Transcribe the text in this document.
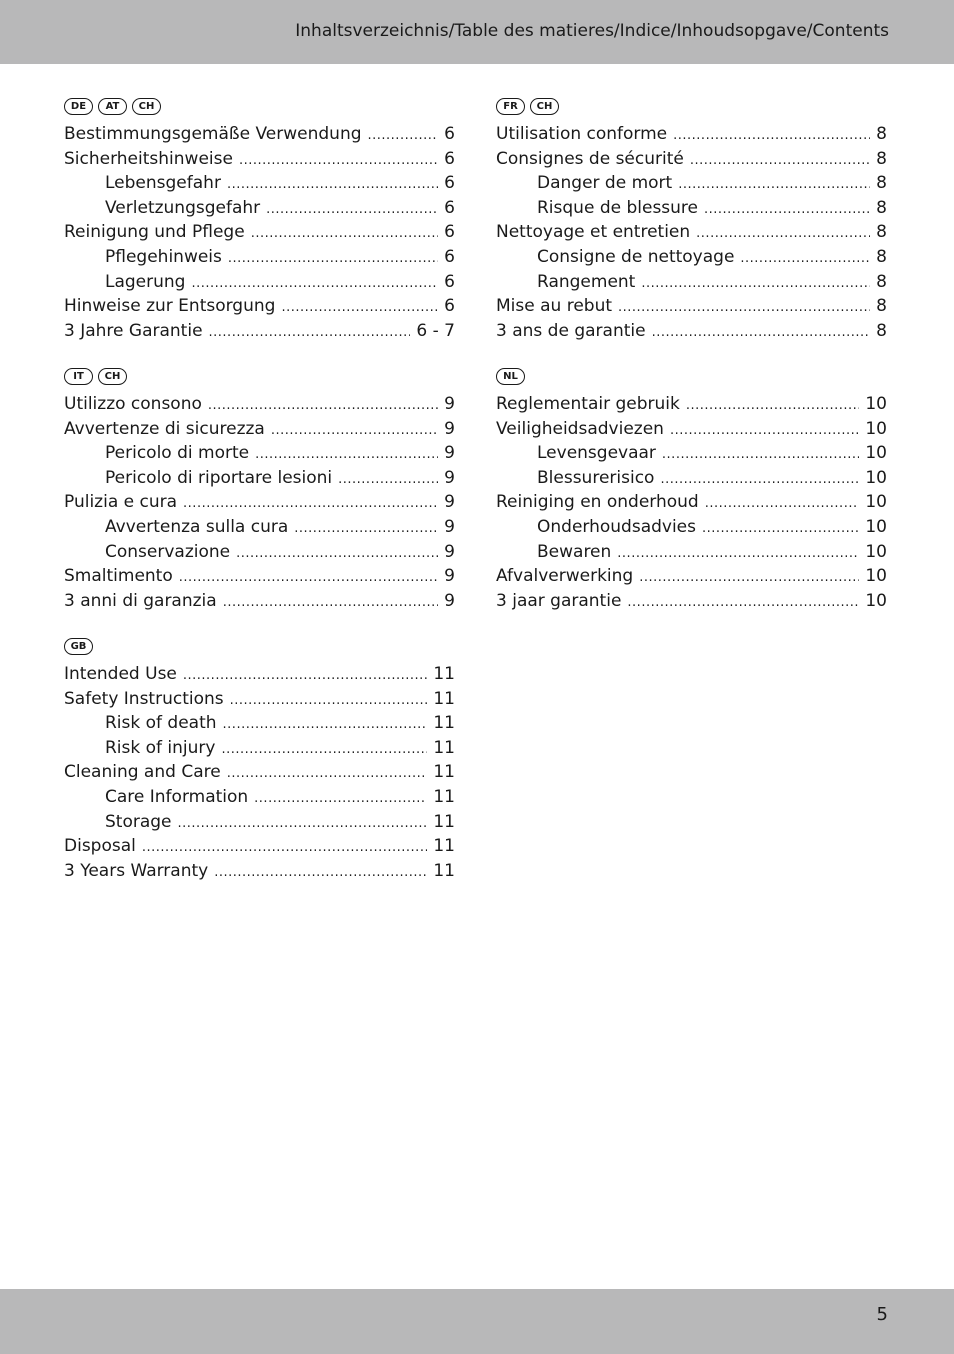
Inhaltsverzeichnis/Table des matieres/Indice/Inhoudsopgave/Contents
DE	AT	CH
Bestimmungsgemäße Verwendung .....	6
Sicherheitshinweise .....	6
Lebensgefahr .....	6
Verletzungsgefahr .....	6
Reinigung und Pflege .....	6
Pflegehinweis .....	6
Lagerung .....	6
Hinweise zur Entsorgung .....	6
3 Jahre Garantie .....	6 - 7
FR	CH
Utilisation conforme .....	8
Consignes de sécurité .....	8
Danger de mort .....	8
Risque de blessure .....	8
Nettoyage et entretien .....	8
Consigne de nettoyage .....	8
Rangement .....	8
Mise au rebut .....	8
3 ans de garantie .....	8
IT	CH
Utilizzo consono .....	9
Avvertenze di sicurezza .....	9
Pericolo di morte .....	9
Pericolo di riportare lesioni .....	9
Pulizia e cura .....	9
Avvertenza sulla cura .....	9
Conservazione .....	9
Smaltimento .....	9
3 anni di garanzia .....	9
NL
Reglementair gebruik .....	10
Veiligheidsadviezen .....	10
Levensgevaar .....	10
Blessurerisico .....	10
Reiniging en onderhoud .....	10
Onderhoudsadvies .....	10
Bewaren .....	10
Afvalverwerking .....	10
3 jaar garantie .....	10
GB
Intended Use .....	11
Safety Instructions .....	11
Risk of death .....	11
Risk of injury .....	11
Cleaning and Care .....	11
Care Information .....	11
Storage .....	11
Disposal .....	11
3 Years Warranty .....	11
5
